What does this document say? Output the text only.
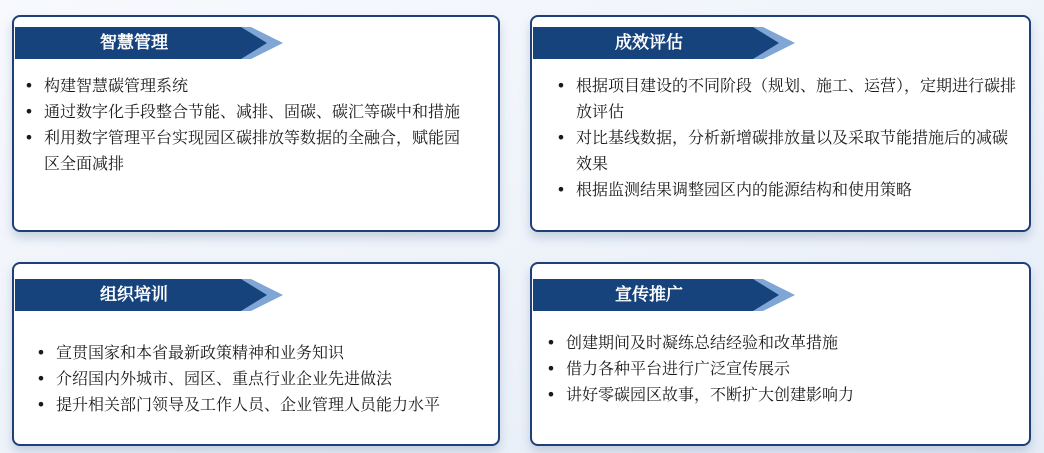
智慧管理
• 构建智慧碳管理系统
• 通过数字化手段整合节能、减排、固碳、碳汇等碳中和措施
• 利用数字管理平台实现园区碳排放等数据的全融合，赋能园区全面减排
成效评估
• 根据项目建设的不同阶段（规划、施工、运营），定期进行碳排放评估
• 对比基线数据，分析新增碳排放量以及采取节能措施后的减碳效果
• 根据监测结果调整园区内的能源结构和使用策略
组织培训
• 宣贯国家和本省最新政策精神和业务知识
• 介绍国内外城市、园区、重点行业企业先进做法
• 提升相关部门领导及工作人员、企业管理人员能力水平
宣传推广
• 创建期间及时凝练总结经验和改革措施
• 借力各种平台进行广泛宣传展示
• 讲好零碳园区故事，不断扩大创建影响力
